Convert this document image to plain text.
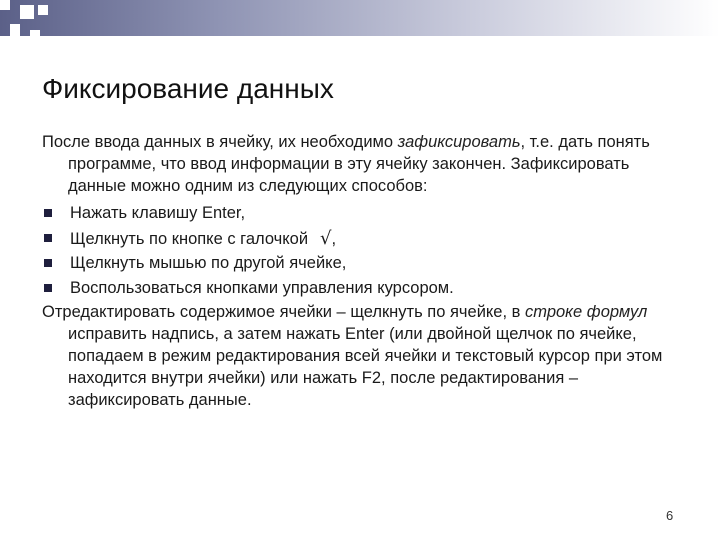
Фиксирование данных

После ввода данных в ячейку, их необходимо зафиксировать, т.е. дать понять программе, что ввод информации в эту ячейку закончен. Зафиксировать данные можно одним из следующих способов:

Нажать клавишу Enter,
Щелкнуть по кнопке с галочкой √,
Щелкнуть мышью по другой ячейке,
Воспользоваться кнопками управления курсором.

Отредактировать содержимое ячейки – щелкнуть по ячейке, в строке формул исправить надпись, а затем нажать Enter (или двойной щелчок по ячейке, попадаем в режим редактирования всей ячейки и текстовый курсор при этом находится внутри ячейки) или нажать F2, после редактирования – зафиксировать данные.

6
